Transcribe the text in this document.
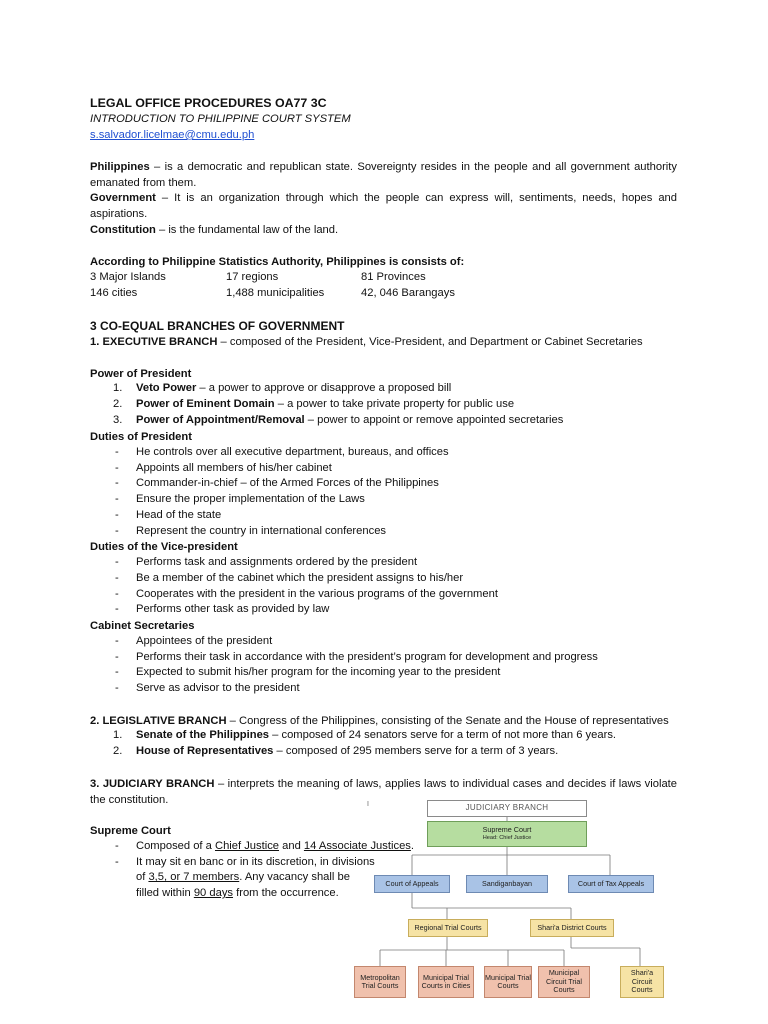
LEGAL OFFICE PROCEDURES OA77 3C
INTRODUCTION TO PHILIPPINE COURT SYSTEM
s.salvador.licelmae@cmu.edu.ph
Philippines – is a democratic and republican state. Sovereignty resides in the people and all government authority emanated from them.
Government – It is an organization through which the people can express will, sentiments, needs, hopes and aspirations.
Constitution – is the fundamental law of the land.
According to Philippine Statistics Authority, Philippines is consists of:
3 Major Islands	17 regions	81 Provinces
146 cities	1,488 municipalities	42, 046 Barangays
3 CO-EQUAL BRANCHES OF GOVERNMENT
1. EXECUTIVE BRANCH – composed of the President, Vice-President, and Department or Cabinet Secretaries
Power of President
1. Veto Power – a power to approve or disapprove a proposed bill
2. Power of Eminent Domain – a power to take private property for public use
3. Power of Appointment/Removal – power to appoint or remove appointed secretaries
Duties of President
- He controls over all executive department, bureaus, and offices
- Appoints all members of his/her cabinet
- Commander-in-chief – of the Armed Forces of the Philippines
- Ensure the proper implementation of the Laws
- Head of the state
- Represent the country in international conferences
Duties of the Vice-president
- Performs task and assignments ordered by the president
- Be a member of the cabinet which the president assigns to his/her
- Cooperates with the president in the various programs of the government
- Performs other task as provided by law
Cabinet Secretaries
- Appointees of the president
- Performs their task in accordance with the president’s program for development and progress
- Expected to submit his/her program for the incoming year to the president
- Serve as advisor to the president
2. LEGISLATIVE BRANCH – Congress of the Philippines, consisting of the Senate and the House of representatives
1. Senate of the Philippines – composed of 24 senators serve for a term of not more than 6 years.
2. House of Representatives – composed of 295 members serve for a term of 3 years.
3. JUDICIARY BRANCH – interprets the meaning of laws, applies laws to individual cases and decides if laws violate the constitution.
Supreme Court
- Composed of a Chief Justice and 14 Associate Justices.
- It may sit en banc or in its discretion, in divisions
of 3,5, or 7 members. Any vacancy shall be
filled within 90 days from the occurrence.
I	JUDICIARY BRANCH
Supreme Court
Head: Chief Justice
Court of Appeals	Sandiganbayan	Court of Tax Appeals
Regional Trial Courts	Shari'a District Courts
Metropolitan Trial Courts
Municipal Trial Courts in Cities
Municipal Trial Courts
Municipal Circuit Trial Courts
Shari'a Circuit Courts
